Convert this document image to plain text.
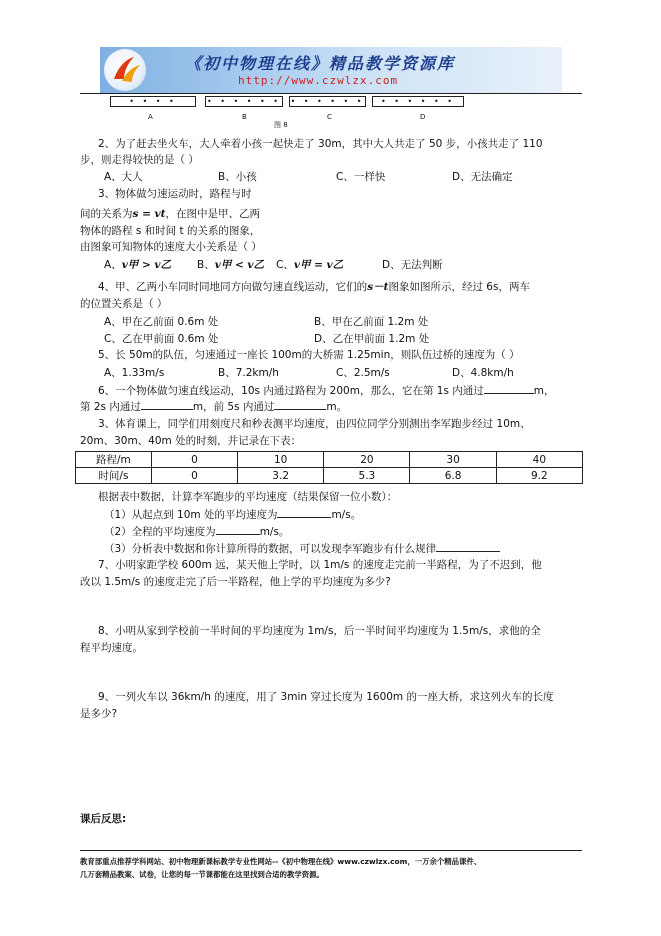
《初中物理在线》精品教学资源库
http://www.czwlzx.com
• • • •	• • • • • • • • • • • •	• • • • • •
A	B	C	D
图 8
2、为了赶去坐火车，大人牵着小孩一起快走了 30m，其中大人共走了 50 步，小孩共走了 110
步，则走得较快的是（ ）
A、大人	B、小孩	C、一样快	D、无法确定
3、物体做匀速运动时，路程与时
间的关系为s = vt，在图中是甲、乙两
物体的路程 s 和时间 t 的关系的图象，
由图象可知物体的速度大小关系是（ ）
A、v甲 > v乙 B、v甲 < v乙 C、v甲 = v乙	D、无法判断
4、甲、乙两小车同时同地同方向做匀速直线运动，它们的s－t图象如图所示，经过 6s，两车
的位置关系是（ ）
A、甲在乙前面 0.6m 处	B、甲在乙前面 1.2m 处
C、乙在甲前面 0.6m 处	D、乙在甲前面 1.2m 处
5、长 50m的队伍，匀速通过一座长 100m的大桥需 1.25min，则队伍过桥的速度为（ ）
A、1.33m/s	B、7.2km/h	C、2.5m/s	D、4.8km/h
6、一个物体做匀速直线运动，10s 内通过路程为 200m，那么，它在第 1s 内通过	m，
第 2s 内通过	m，前 5s 内通过	m。
3、体育课上，同学们用刻度尺和秒表测平均速度，由四位同学分别测出李军跑步经过 10m、
20m、30m、40m 处的时刻，并记录在下表：
路程/m	0	10	20	30	40
时间/s	0	3.2	5.3	6.8	9.2
根据表中数据，计算李军跑步的平均速度（结果保留一位小数）：
（1）从起点到 10m 处的平均速度为	m/s。
（2）全程的平均速度为	m/s。
（3）分析表中数据和你计算所得的数据，可以发现李军跑步有什么规律
7、小明家距学校 600m 远，某天他上学时，以 1m/s 的速度走完前一半路程，为了不迟到，他
改以 1.5m/s 的速度走完了后一半路程，他上学的平均速度为多少?
8、小明从家到学校前一半时间的平均速度为 1m/s，后一半时间平均速度为 1.5m/s，求他的全
程平均速度。
9、一列火车以 36km/h 的速度，用了 3min 穿过长度为 1600m 的一座大桥，求这列火车的长度
是多少?
课后反思:
教育部重点推荐学科网站、初中物理新课标教学专业性网站--《初中物理在线》www.czwlzx.com，一万余个精品课件、
几万套精品教案、试卷，让您的每一节课都能在这里找到合适的教学资源。
